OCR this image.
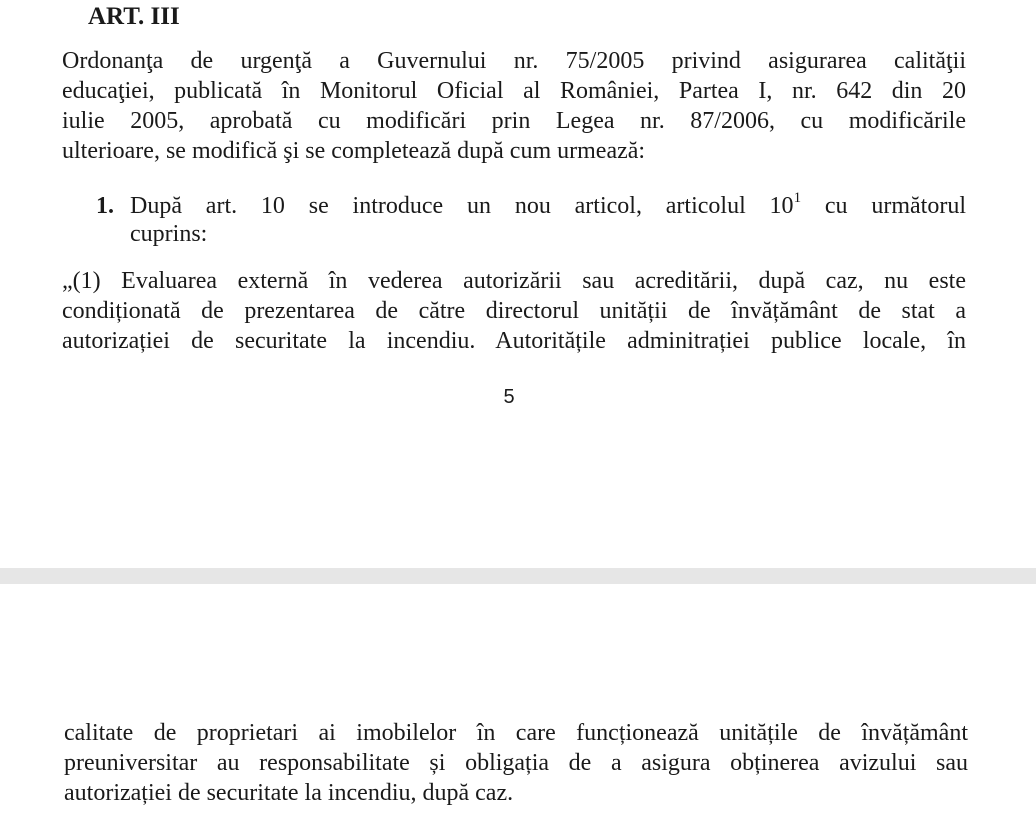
ART. III

Ordonanţa de urgenţă a Guvernului nr. 75/2005 privind asigurarea calităţii
educaţiei, publicată în Monitorul Oficial al României, Partea I, nr. 642 din 20
iulie 2005, aprobată cu modificări prin Legea nr. 87/2006, cu modificările
ulterioare, se modifică şi se completează după cum urmează:

1. După art. 10 se introduce un nou articol, articolul $10^1$ cu următorul
cuprins:

„(1) Evaluarea externă în vederea autorizării sau acreditării, după caz, nu este
condiționată de prezentarea de către directorul unității de învățământ de stat a
autorizației de securitate la incendiu. Autoritățile adminitrației publice locale, în

5

calitate de proprietari ai imobilelor în care funcționează unitățile de învățământ
preuniversitar au responsabilitate și obligația de a asigura obținerea avizului sau
autorizației de securitate la incendiu, după caz.
